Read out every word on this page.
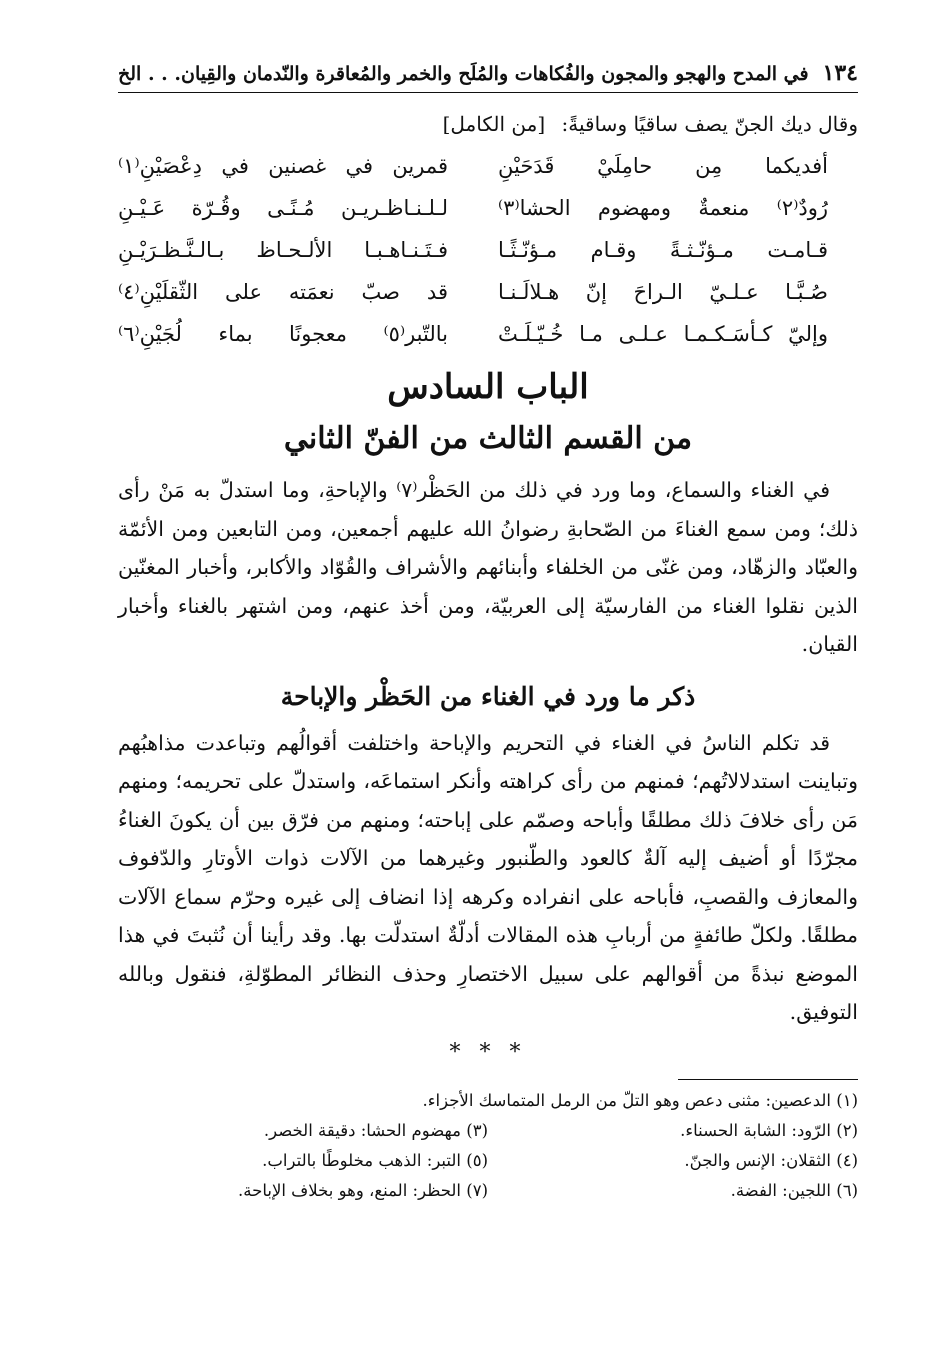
١٣٤
في المدح والهجو والمجون والفُكاهات والمُلَح والخمر والمُعاقرة والنّدمان والقِيان. . . الخ
وقال ديك الجنّ يصف ساقيًا وساقيةً: [من الكامل]
أفديكما مِن حامِلَيْ قَدَحَيْنِ
قمرين في غصنين في دِعْصَيْنِ⁽١⁾
رُودٌ⁽٢⁾ منعمةٌ ومهضوم الحشا⁽٣⁾
لـلـنـاظـريـن مُـنًـى وقُـرّة عَـيْـنِ
قـامـت مـؤنّـثـةً وقـام مـؤنّـثًـا
فـتَـنـاهـبـا الألـحـاظ بـالـنَّـظـرَيْـنِ
صُـبَّـا عـلـيّ الـراحَ إنّ هـلالَـنـا
قد صبّ نعمَته على الثّقلَيْنِ⁽٤⁾
وإليّ كـأسَـكـمـا عـلـى مـا خُـيّـلَـتْ
بالتّبر⁽٥⁾ معجونًا بماء لُجَيْنِ⁽٦⁾
الباب السادس
من القسم الثالث من الفنّ الثاني

في الغناء والسماع، وما ورد في ذلك من الحَظْر⁽٧⁾ والإباحةِ، وما استدلّ به مَنْ رأى ذلك؛ ومن سمع الغناءَ من الصّحابةِ رضوانُ الله عليهم أجمعين، ومن التابعين ومن الأئمّة والعبّاد والزهّاد، ومن غنّى من الخلفاء وأبنائهم والأشراف والقُوّاد والأكابر، وأخبار المغنّين الذين نقلوا الغناء من الفارسيّة إلى العربيّة، ومن أخذ عنهم، ومن اشتهر بالغناء وأخبار القيان.

ذكر ما ورد في الغناء من الحَظْر والإباحة

قد تكلم الناسُ في الغناء في التحريم والإباحة واختلفت أقوالُهم وتباعدت مذاهبُهم وتباينت استدلالاتُهم؛ فمنهم من رأى كراهته وأنكر استماعَه، واستدلّ على تحريمه؛ ومنهم مَن رأى خلافَ ذلك مطلقًا وأباحه وصمّم على إباحته؛ ومنهم من فرّق بين أن يكونَ الغناءُ مجرّدًا أو أضيف إليه آلةٌ كالعود والطّنبور وغيرهما من الآلات ذوات الأوتارِ والدّفوف والمعازف والقصبِ، فأباحه على انفراده وكرهه إذا انضاف إلى غيره وحرّم سماع الآلات مطلقًا. ولكلّ طائفةٍ من أربابِ هذه المقالات أدلّةٌ استدلّت بها. وقد رأينا أن نُثبتَ في هذا الموضع نبذةً من أقوالهم على سبيل الاختصارِ وحذف النظائر المطوّلةِ، فنقول وبالله التوفيق.

* * *
(١) الدعصين: مثنى دعص وهو التلّ من الرمل المتماسك الأجزاء.
(٢) الرّود: الشابة الحسناء.
(٣) مهضوم الحشا: دقيقة الخصر.
(٤) الثقلان: الإنس والجنّ.
(٥) التبر: الذهب مخلوطًا بالتراب.
(٦) اللجين: الفضة.
(٧) الحظر: المنع، وهو بخلاف الإباحة.
